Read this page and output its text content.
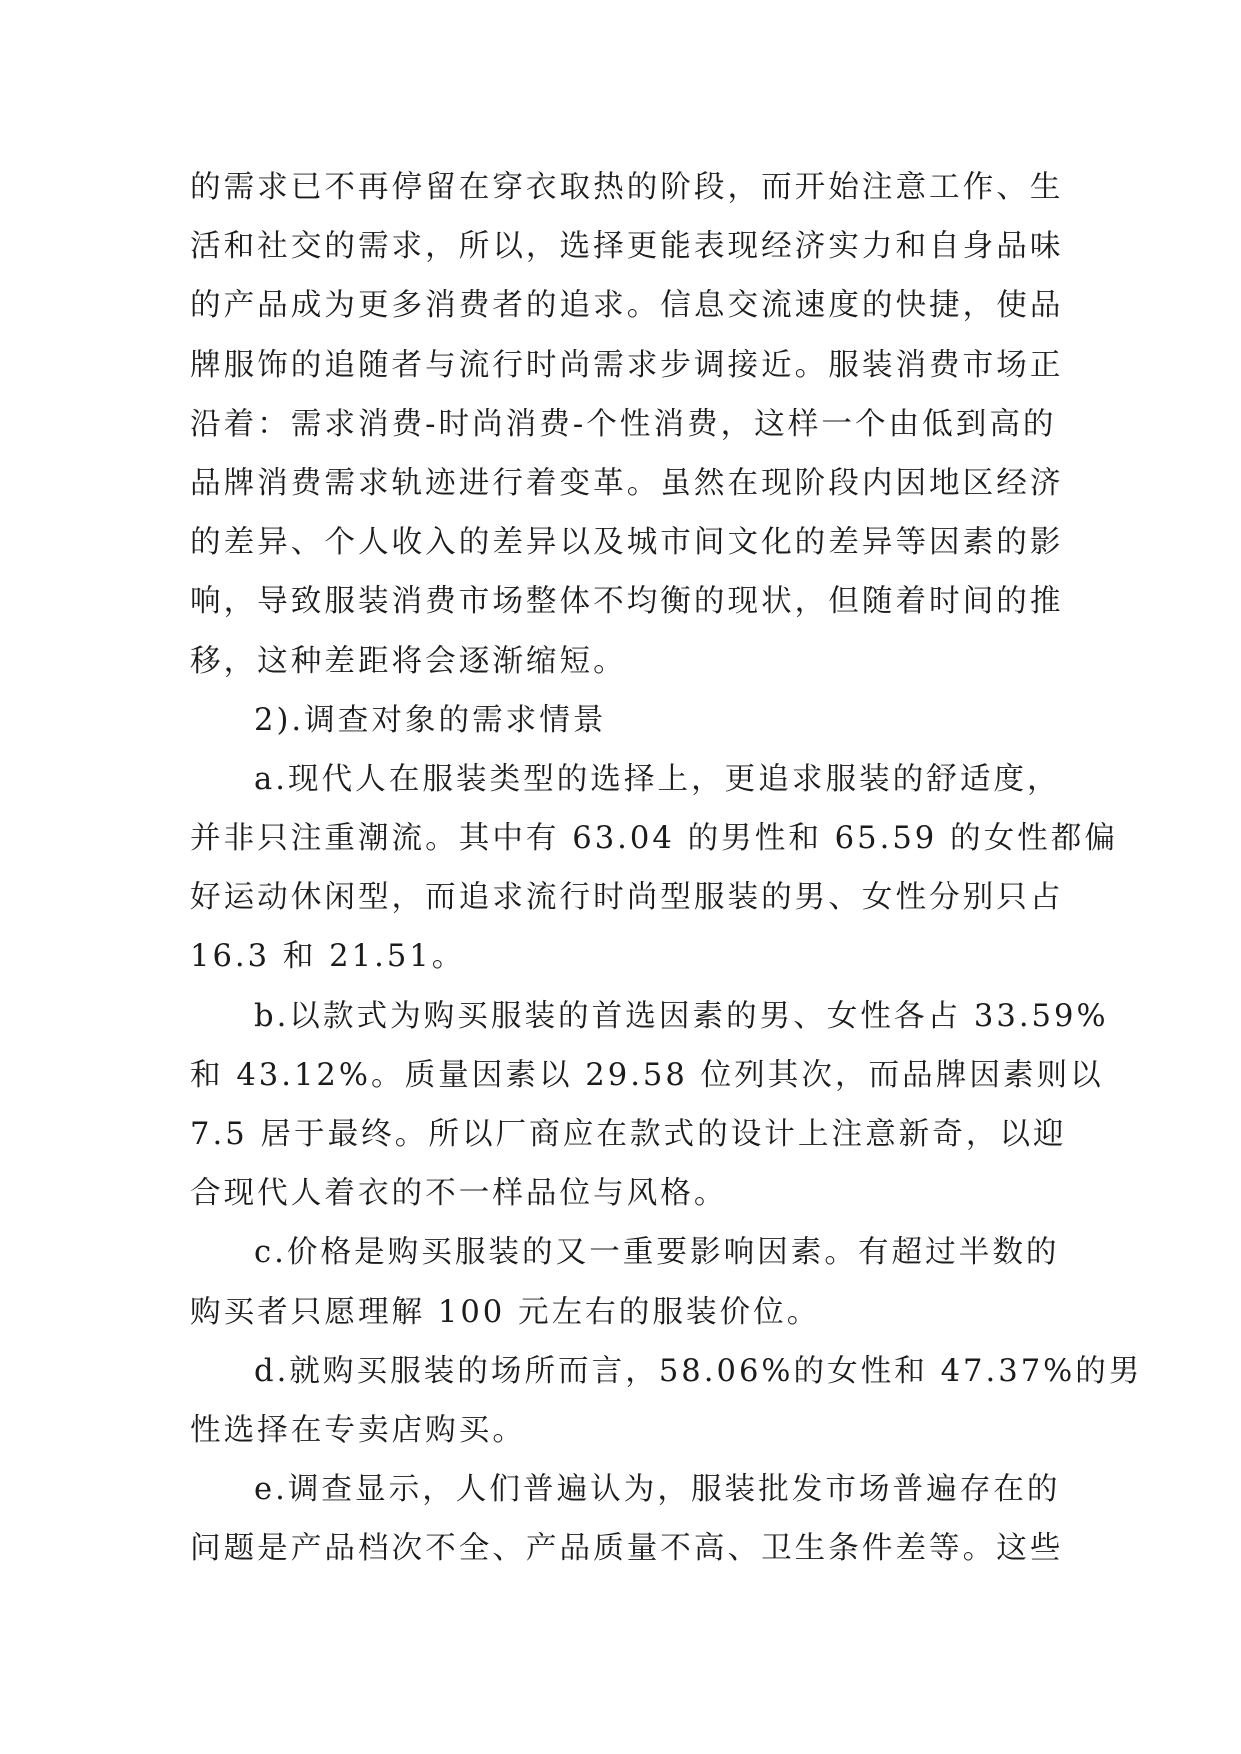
的需求已不再停留在穿衣取热的阶段，而开始注意工作、生
活和社交的需求，所以，选择更能表现经济实力和自身品味
的产品成为更多消费者的追求。信息交流速度的快捷，使品
牌服饰的追随者与流行时尚需求步调接近。服装消费市场正
沿着：需求消费-时尚消费-个性消费，这样一个由低到高的
品牌消费需求轨迹进行着变革。虽然在现阶段内因地区经济
的差异、个人收入的差异以及城市间文化的差异等因素的影
响，导致服装消费市场整体不均衡的现状，但随着时间的推
移，这种差距将会逐渐缩短。
2).调查对象的需求情景
a.现代人在服装类型的选择上，更追求服装的舒适度，
并非只注重潮流。其中有 63.04 的男性和 65.59 的女性都偏
好运动休闲型，而追求流行时尚型服装的男、女性分别只占
16.3 和 21.51。
b.以款式为购买服装的首选因素的男、女性各占 33.59%
和 43.12%。质量因素以 29.58 位列其次，而品牌因素则以
7.5 居于最终。所以厂商应在款式的设计上注意新奇，以迎
合现代人着衣的不一样品位与风格。
c.价格是购买服装的又一重要影响因素。有超过半数的
购买者只愿理解 100 元左右的服装价位。
d.就购买服装的场所而言，58.06%的女性和 47.37%的男
性选择在专卖店购买。
e.调查显示，人们普遍认为，服装批发市场普遍存在的
问题是产品档次不全、产品质量不高、卫生条件差等。这些
